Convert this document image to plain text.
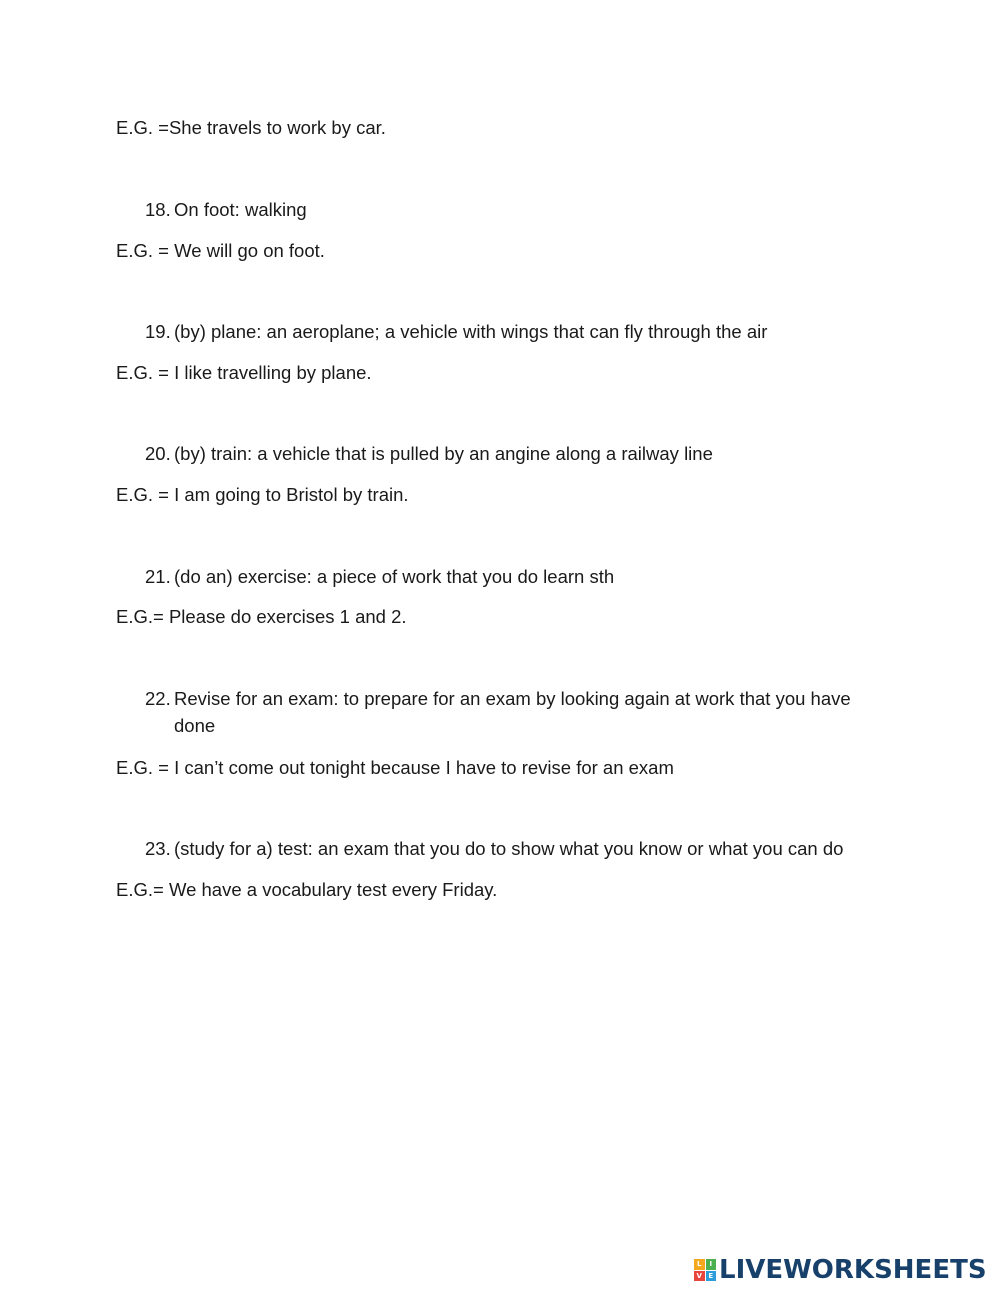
E.G. =She travels to work by car.
18. On foot: walking
E.G. = We will go on foot.
19. (by) plane: an aeroplane; a vehicle with wings that can fly through the air
E.G. = I like travelling by plane.
20. (by) train: a vehicle that is pulled by an angine along a railway line
E.G. = I am going to Bristol by train.
21. (do an) exercise: a piece of work that you do learn sth
E.G.= Please do exercises 1 and 2.
22. Revise for an exam: to prepare for an exam by looking again at work that you have done
E.G. = I can’t come out tonight because I have to revise for an exam
23. (study for a) test: an exam that you do to show what you know or what you can do
E.G.= We have a vocabulary test every Friday.
L	I
V E LIVEWORKSHEETS
